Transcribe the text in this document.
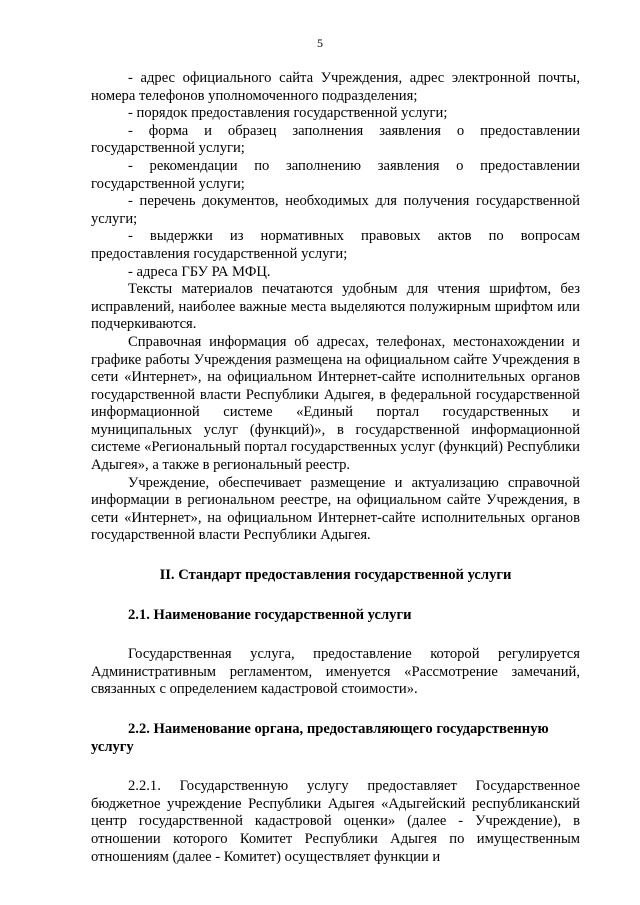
5

- адрес официального сайта Учреждения, адрес электронной почты, номера телефонов уполномоченного подразделения;

- порядок предоставления государственной услуги;

- форма и образец заполнения заявления о предоставлении государственной услуги;

- рекомендации по заполнению заявления о предоставлении государственной услуги;

- перечень документов, необходимых для получения государственной услуги;

- выдержки из нормативных правовых актов по вопросам предоставления государственной услуги;

- адреса ГБУ РА МФЦ.

Тексты материалов печатаются удобным для чтения шрифтом, без исправлений, наиболее важные места выделяются полужирным шрифтом или подчеркиваются.

Справочная информация об адресах, телефонах, местонахождении и графике работы Учреждения размещена на официальном сайте Учреждения в сети «Интернет», на официальном Интернет-сайте исполнительных органов государственной власти Республики Адыгея, в федеральной государственной информационной системе «Единый портал государственных и муниципальных услуг (функций)», в государственной информационной системе «Региональный портал государственных услуг (функций) Республики Адыгея», а также в региональный реестр.

Учреждение, обеспечивает размещение и актуализацию справочной информации в региональном реестре, на официальном сайте Учреждения, в сети «Интернет», на официальном Интернет-сайте исполнительных органов государственной власти Республики Адыгея.

II. Стандарт предоставления государственной услуги
2.1. Наименование государственной услуги

Государственная услуга, предоставление которой регулируется Административным регламентом, именуется «Рассмотрение замечаний, связанных с определением кадастровой стоимости».

2.2. Наименование органа, предоставляющего государственную услугу

2.2.1. Государственную услугу предоставляет Государственное бюджетное учреждение Республики Адыгея «Адыгейский республиканский центр государственной кадастровой оценки» (далее - Учреждение), в отношении которого Комитет Республики Адыгея по имущественным отношениям (далее - Комитет) осуществляет функции и
